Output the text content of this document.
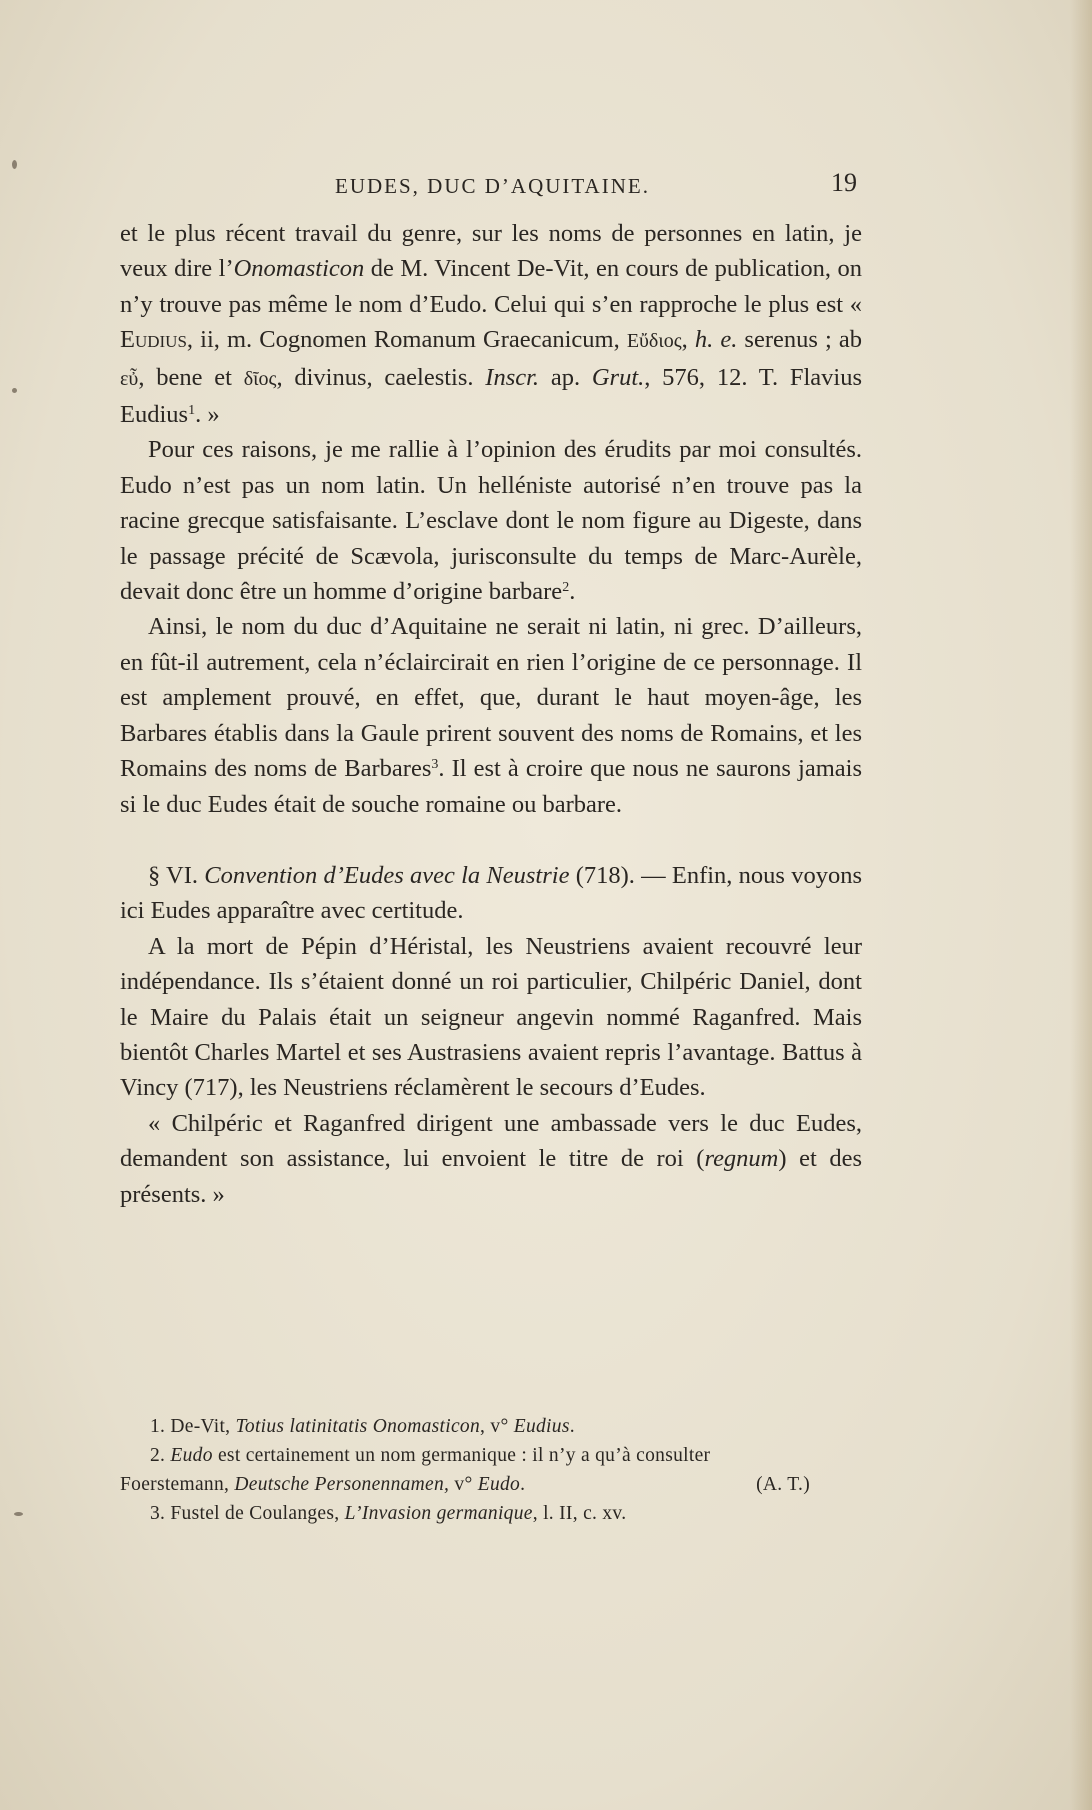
EUDES, DUC D’AQUITAINE.	19

et le plus récent travail du genre, sur les noms de personnes en latin, je veux dire l’Onomasticon de M. Vincent De-Vit, en cours de publication, on n’y trouve pas même le nom d’Eudo. Celui qui s’en rapproche le plus est « Eudius, ii, m. Cognomen Romanum Graecanicum, Εὔδιος, h. e. serenus ; ab εὖ, bene et δῖος, divinus, caelestis. Inscr. ap. Grut., 576, 12. T. Flavius Eudius$^1$. »

Pour ces raisons, je me rallie à l’opinion des érudits par moi consultés. Eudo n’est pas un nom latin. Un helléniste autorisé n’en trouve pas la racine grecque satisfaisante. L’esclave dont le nom figure au Digeste, dans le passage précité de Scævola, jurisconsulte du temps de Marc-Aurèle, devait donc être un homme d’origine barbare$^2$.

Ainsi, le nom du duc d’Aquitaine ne serait ni latin, ni grec. D’ailleurs, en fût-il autrement, cela n’éclaircirait en rien l’origine de ce personnage. Il est amplement prouvé, en effet, que, durant le haut moyen-âge, les Barbares établis dans la Gaule prirent souvent des noms de Romains, et les Romains des noms de Barbares$^3$. Il est à croire que nous ne saurons jamais si le duc Eudes était de souche romaine ou barbare.

§ VI. Convention d’Eudes avec la Neustrie (718). — Enfin, nous voyons ici Eudes apparaître avec certitude.

A la mort de Pépin d’Héristal, les Neustriens avaient recouvré leur indépendance. Ils s’étaient donné un roi particulier, Chilpéric Daniel, dont le Maire du Palais était un seigneur angevin nommé Raganfred. Mais bientôt Charles Martel et ses Austrasiens avaient repris l’avantage. Battus à Vincy (717), les Neustriens réclamèrent le secours d’Eudes.

« Chilpéric et Raganfred dirigent une ambassade vers le duc Eudes, demandent son assistance, lui envoient le titre de roi (regnum) et des présents. »

1. De-Vit, Totius latinitatis Onomasticon, v° Eudius.

2. Eudo est certainement un nom germanique : il n’y a qu’à consulter

Foerstemann, Deutsche Personennamen, v° Eudo.	(A. T.)

3. Fustel de Coulanges, L’Invasion germanique, l. II, c. xv.
